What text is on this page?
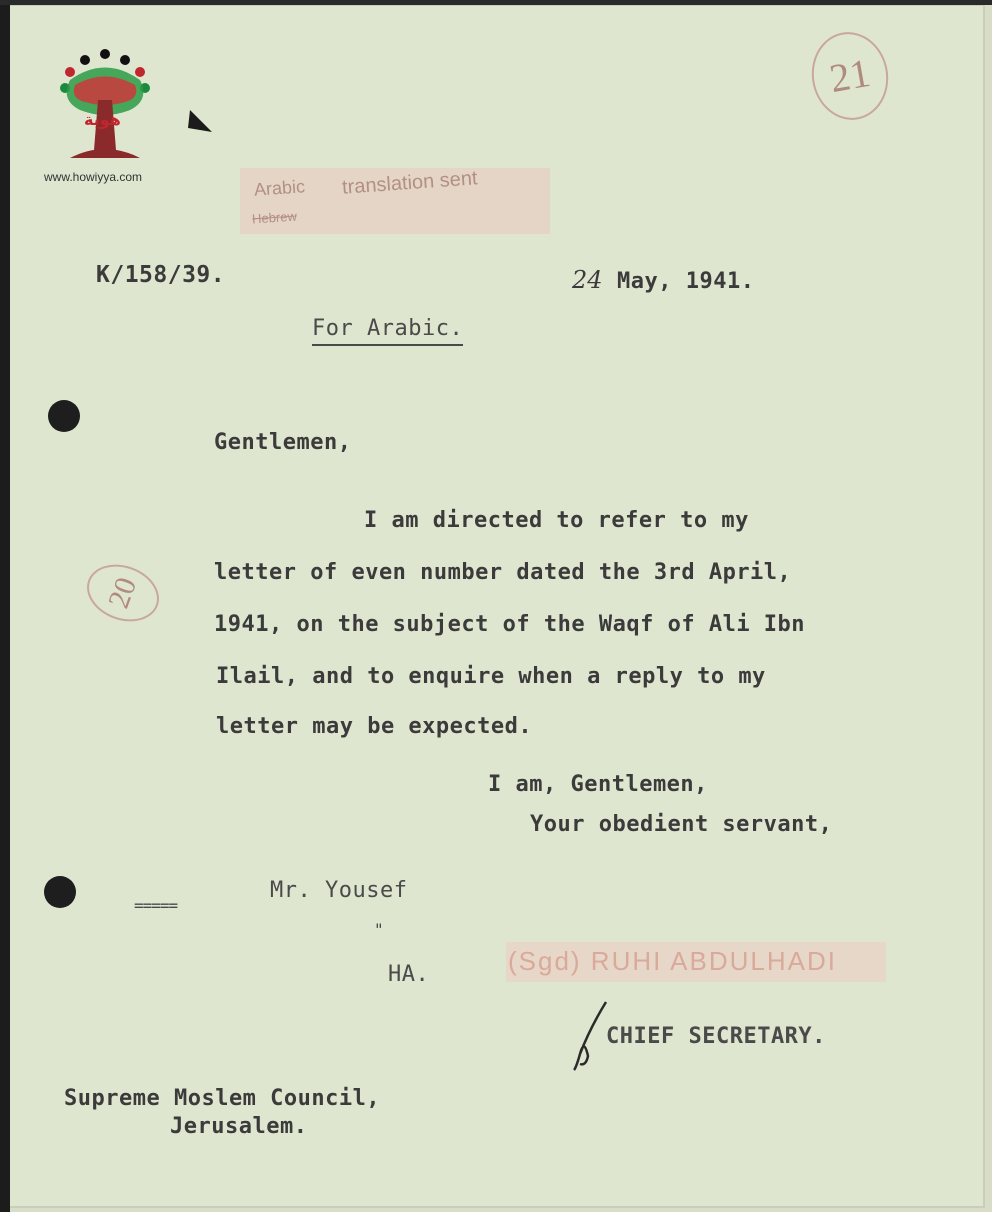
هوية
www.howiyya.com	Arabic translation sent
Hebrew
21
20
K/158/39.	24 May, 1941.
For Arabic.
Gentlemen,
I am directed to refer to my
letter of even number dated the 3rd April,
1941, on the subject of the Waqf of Ali Ibn
Ilail, and to enquire when a reply to my
letter may be expected.
I am, Gentlemen,
Your obedient servant,
=====
Mr. Yousef
"
HA.	(Sgd) RUHI ABDULHADI
CHIEF SECRETARY.
Supreme Moslem Council,
Jerusalem.
